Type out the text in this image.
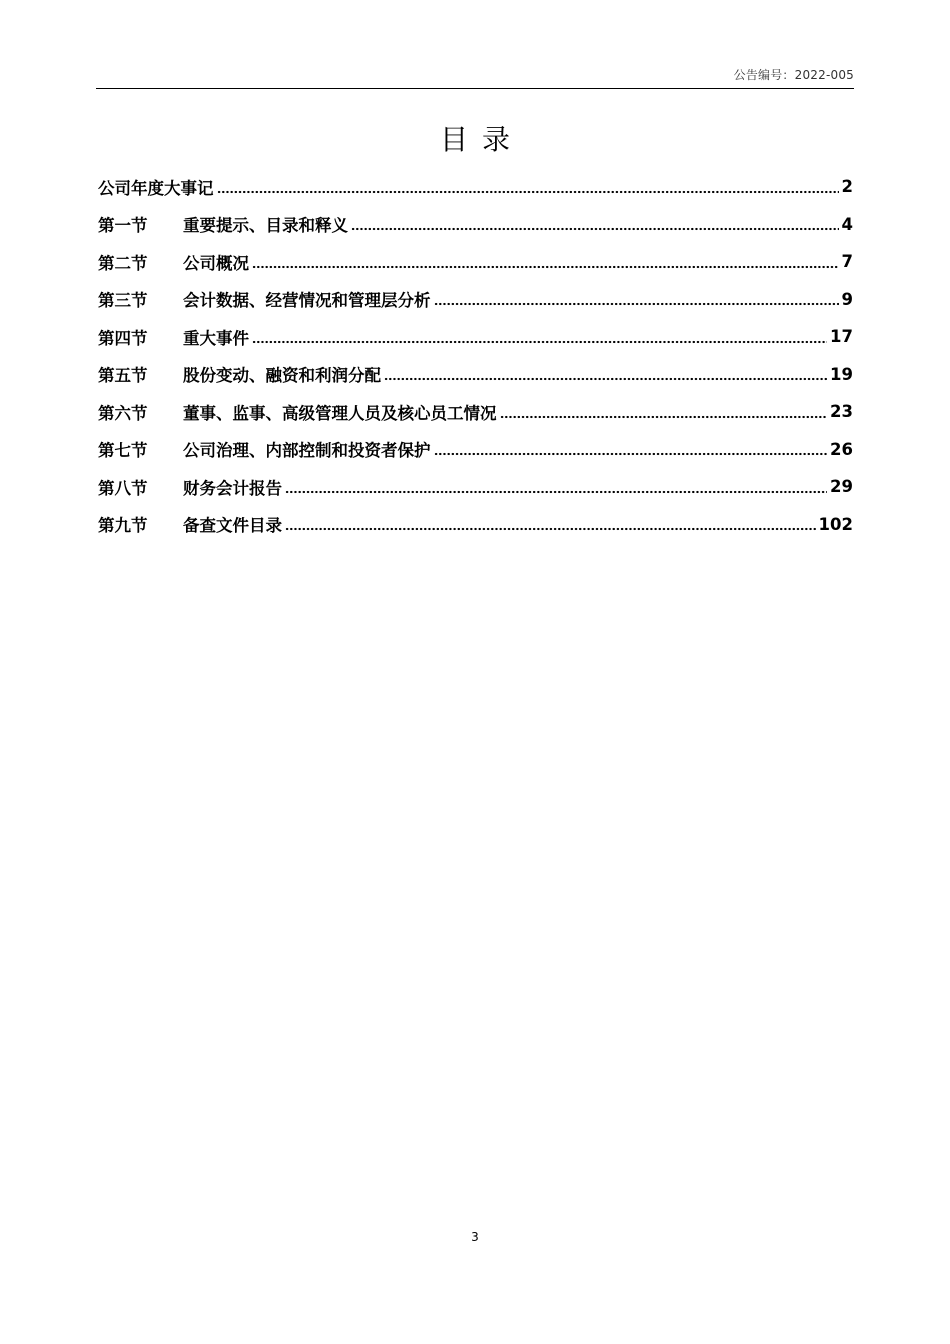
公告编号：2022-005
目录
公司年度大事记	2
第一节	重要提示、目录和释义	4
第二节	公司概况	7
第三节	会计数据、经营情况和管理层分析	9
第四节	重大事件	17
第五节	股份变动、融资和利润分配	19
第六节	董事、监事、高级管理人员及核心员工情况	23
第七节	公司治理、内部控制和投资者保护	26
第八节	财务会计报告	29
第九节	备查文件目录	102
3
